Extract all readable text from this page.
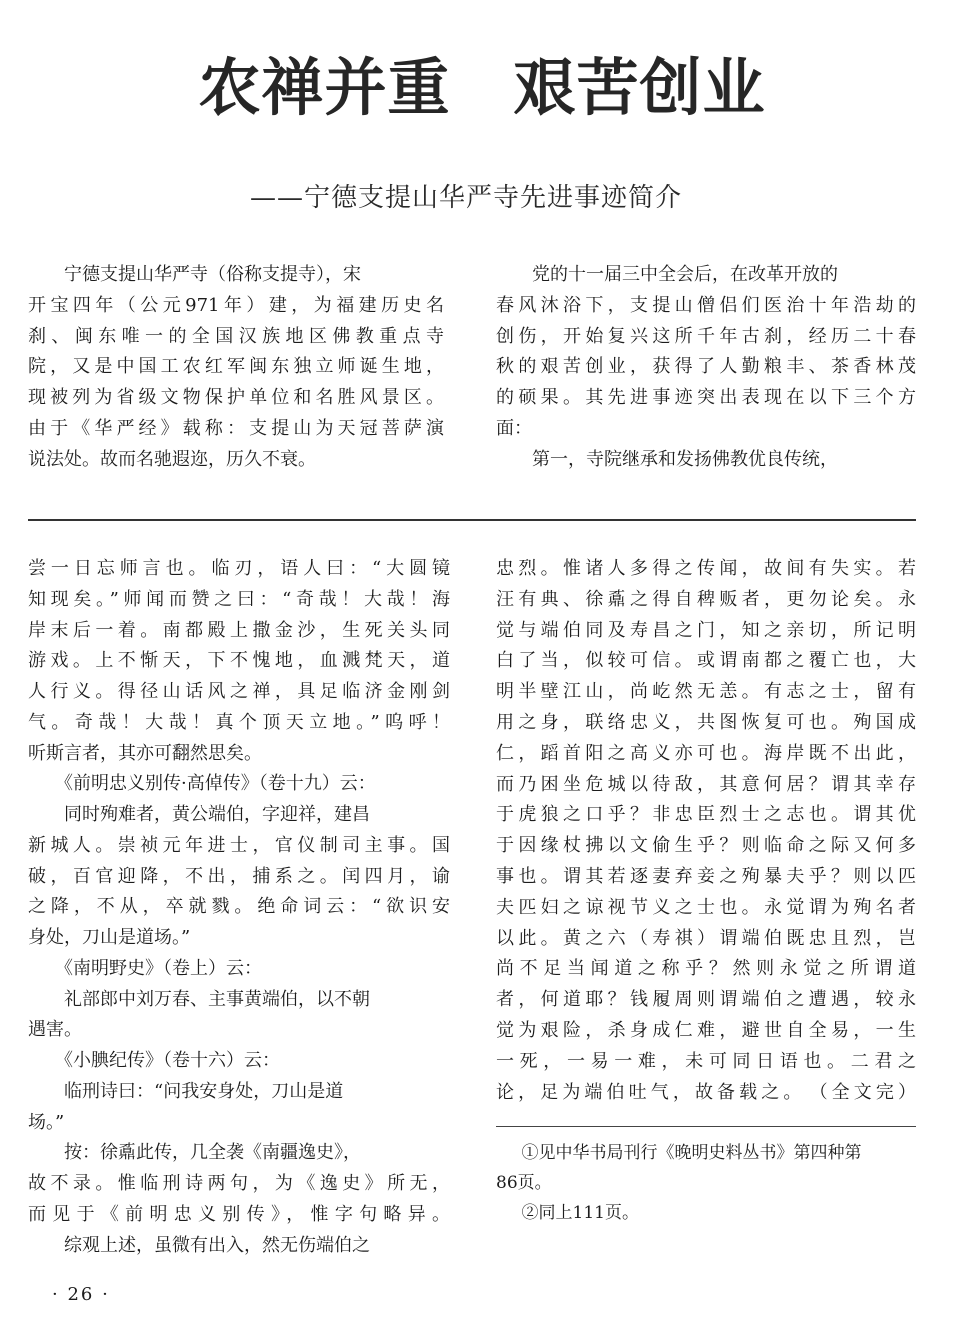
农禅并重　艰苦创业
——宁德支提山华严寺先进事迹简介

宁德支提山华严寺（俗称支提寺），宋

开宝四年（公元971年）建，为福建历史名

刹、闽东唯一的全国汉族地区佛教重点寺

院，又是中国工农红军闽东独立师诞生地，

现被列为省级文物保护单位和名胜风景区。

由于《华严经》载称：支提山为天冠菩萨演

说法处。故而名驰遐迩，历久不衰。

党的十一届三中全会后，在改革开放的

春风沐浴下，支提山僧侣们医治十年浩劫的

创伤，开始复兴这所千年古刹，经历二十春

秋的艰苦创业，获得了人勤粮丰、茶香林茂

的硕果。其先进事迹突出表现在以下三个方

面：

第一，寺院继承和发扬佛教优良传统，

尝一日忘师言也。临刃，语人曰：“大圆镜

知现矣。”师闻而赞之曰：“奇哉！大哉！海

岸末后一着。南都殿上撒金沙，生死关头同

游戏。上不惭天，下不愧地，血溅梵天，道

人行义。得径山话风之禅，具足临济金刚剑

气。奇哉！大哉！真个顶天立地。”呜呼！

听斯言者，其亦可翻然思矣。

《前明忠义别传·高倬传》（卷十九）云：

同时殉难者，黄公端伯，字迎祥，建昌

新城人。崇祯元年进士，官仪制司主事。国

破，百官迎降，不出，捕系之。闰四月，谕

之降，不从，卒就戮。绝命词云：“欲识安

身处，刀山是道场。”

《南明野史》（卷上）云：

礼部郎中刘万春、主事黄端伯，以不朝

遇害。

《小腆纪传》（卷十六）云：

临刑诗曰：“问我安身处，刀山是道

场。”

按：徐鼒此传，几全袭《南疆逸史》，

故不录。惟临刑诗两句，为《逸史》所无，

而见于《前明忠义别传》，惟字句略异。

综观上述，虽微有出入，然无伤端伯之

忠烈。惟诸人多得之传闻，故间有失实。若

汪有典、徐鼒之得自稗贩者，更勿论矣。永

觉与端伯同及寿昌之门，知之亲切，所记明

白了当，似较可信。或谓南都之覆亡也，大

明半壁江山，尚屹然无恙。有志之士，留有

用之身，联络忠义，共图恢复可也。殉国成

仁，蹈首阳之高义亦可也。海岸既不出此，

而乃困坐危城以待敌，其意何居？谓其幸存

于虎狼之口乎？非忠臣烈士之志也。谓其优

于因缘杖拂以文偷生乎？则临命之际又何多

事也。谓其若逐妻弃妾之殉暴夫乎？则以匹

夫匹妇之谅视节义之士也。永觉谓为殉名者

以此。黄之六（寿祺）谓端伯既忠且烈，岂

尚不足当闻道之称乎？然则永觉之所谓道

者，何道耶？钱履周则谓端伯之遭遇，较永

觉为艰险，杀身成仁难，避世自全易，一生

一死，一易一难，未可同日语也。二君之

论，足为端伯吐气，故备载之。　（全文完）

①见中华书局刊行《晚明史料丛书》第四种第

86页。

②同上111页。

· 26 ·
